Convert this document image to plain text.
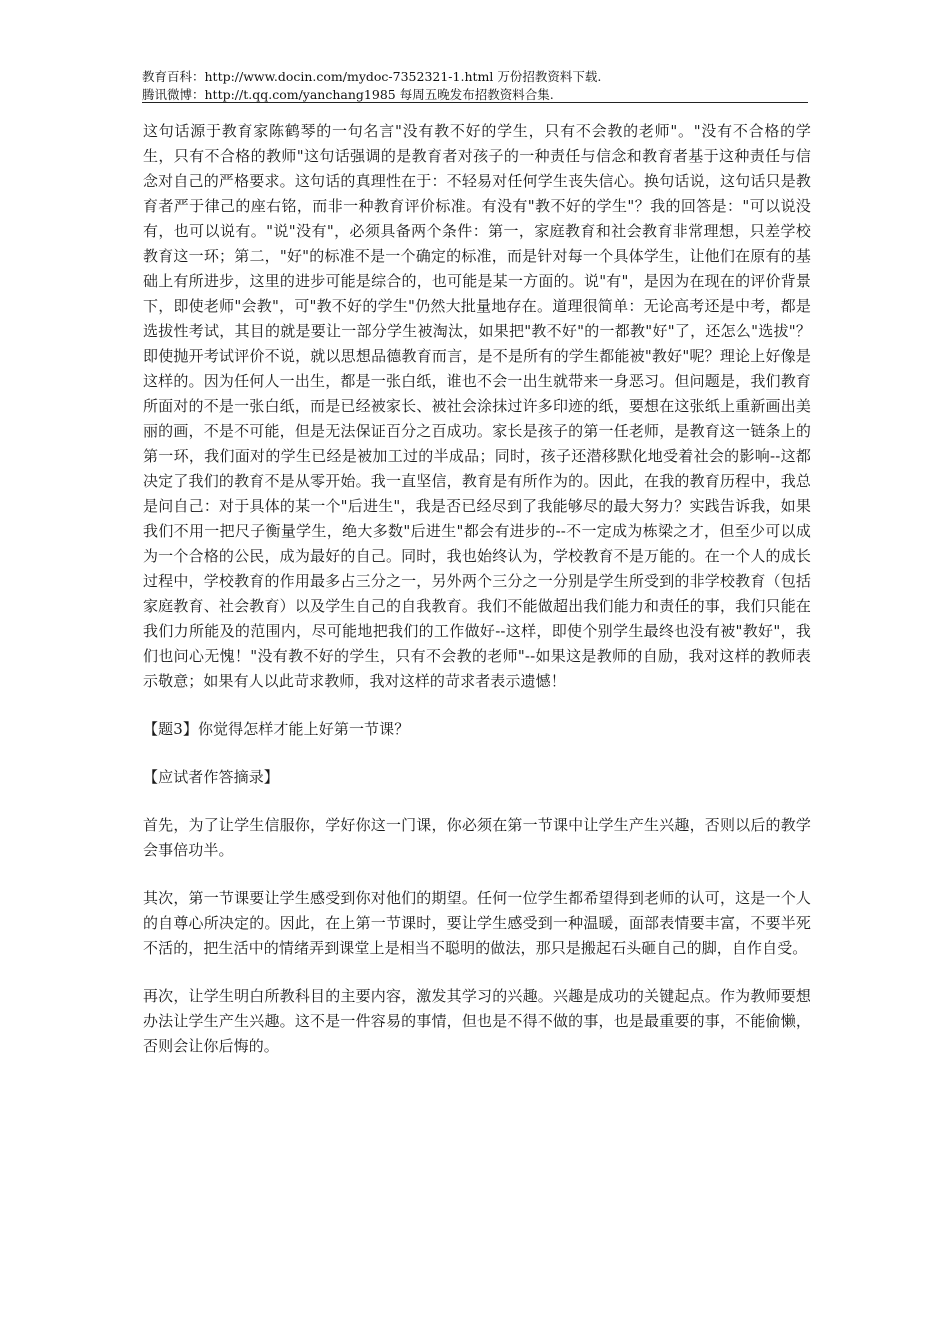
教育百科：http://www.docin.com/mydoc-7352321-1.html 万份招教资料下载.
腾讯微博：http://t.qq.com/yanchang1985 每周五晚发布招教资料合集.

这句话源于教育家陈鹤琴的一句名言"没有教不好的学生，只有不会教的老师"。"没有不合格的学生，只有不合格的教师"这句话强调的是教育者对孩子的一种责任与信念和教育者基于这种责任与信念对自己的严格要求。这句话的真理性在于：不轻易对任何学生丧失信心。换句话说，这句话只是教育者严于律己的座右铭，而非一种教育评价标准。有没有"教不好的学生"？我的回答是："可以说没有，也可以说有。"说"没有"，必须具备两个条件：第一，家庭教育和社会教育非常理想，只差学校教育这一环；第二，"好"的标准不是一个确定的标准，而是针对每一个具体学生，让他们在原有的基础上有所进步，这里的进步可能是综合的，也可能是某一方面的。说"有"，是因为在现在的评价背景下，即使老师"会教"，可"教不好的学生"仍然大批量地存在。道理很简单：无论高考还是中考，都是选拔性考试，其目的就是要让一部分学生被淘汰，如果把"教不好"的一都教"好"了，还怎么"选拔"？即使抛开考试评价不说，就以思想品德教育而言，是不是所有的学生都能被"教好"呢？理论上好像是这样的。因为任何人一出生，都是一张白纸，谁也不会一出生就带来一身恶习。但问题是，我们教育所面对的不是一张白纸，而是已经被家长、被社会涂抹过许多印迹的纸，要想在这张纸上重新画出美丽的画，不是不可能，但是无法保证百分之百成功。家长是孩子的第一任老师，是教育这一链条上的第一环，我们面对的学生已经是被加工过的半成品；同时，孩子还潜移默化地受着社会的影响--这都决定了我们的教育不是从零开始。我一直坚信，教育是有所作为的。因此，在我的教育历程中，我总是问自己：对于具体的某一个"后进生"，我是否已经尽到了我能够尽的最大努力？实践告诉我，如果我们不用一把尺子衡量学生，绝大多数"后进生"都会有进步的--不一定成为栋梁之才，但至少可以成为一个合格的公民，成为最好的自己。同时，我也始终认为，学校教育不是万能的。在一个人的成长过程中，学校教育的作用最多占三分之一，另外两个三分之一分别是学生所受到的非学校教育（包括家庭教育、社会教育）以及学生自己的自我教育。我们不能做超出我们能力和责任的事，我们只能在我们力所能及的范围内，尽可能地把我们的工作做好--这样，即使个别学生最终也没有被"教好"，我们也问心无愧！"没有教不好的学生，只有不会教的老师"--如果这是教师的自励，我对这样的教师表示敬意；如果有人以此苛求教师，我对这样的苛求者表示遗憾！

【题3】你觉得怎样才能上好第一节课？

【应试者作答摘录】

首先，为了让学生信服你，学好你这一门课，你必须在第一节课中让学生产生兴趣，否则以后的教学会事倍功半。

其次，第一节课要让学生感受到你对他们的期望。任何一位学生都希望得到老师的认可，这是一个人的自尊心所决定的。因此，在上第一节课时，要让学生感受到一种温暖，面部表情要丰富，不要半死不活的，把生活中的情绪弄到课堂上是相当不聪明的做法，那只是搬起石头砸自己的脚，自作自受。

再次，让学生明白所教科目的主要内容，激发其学习的兴趣。兴趣是成功的关键起点。作为教师要想办法让学生产生兴趣。这不是一件容易的事情，但也是不得不做的事，也是最重要的事，不能偷懒，否则会让你后悔的。
